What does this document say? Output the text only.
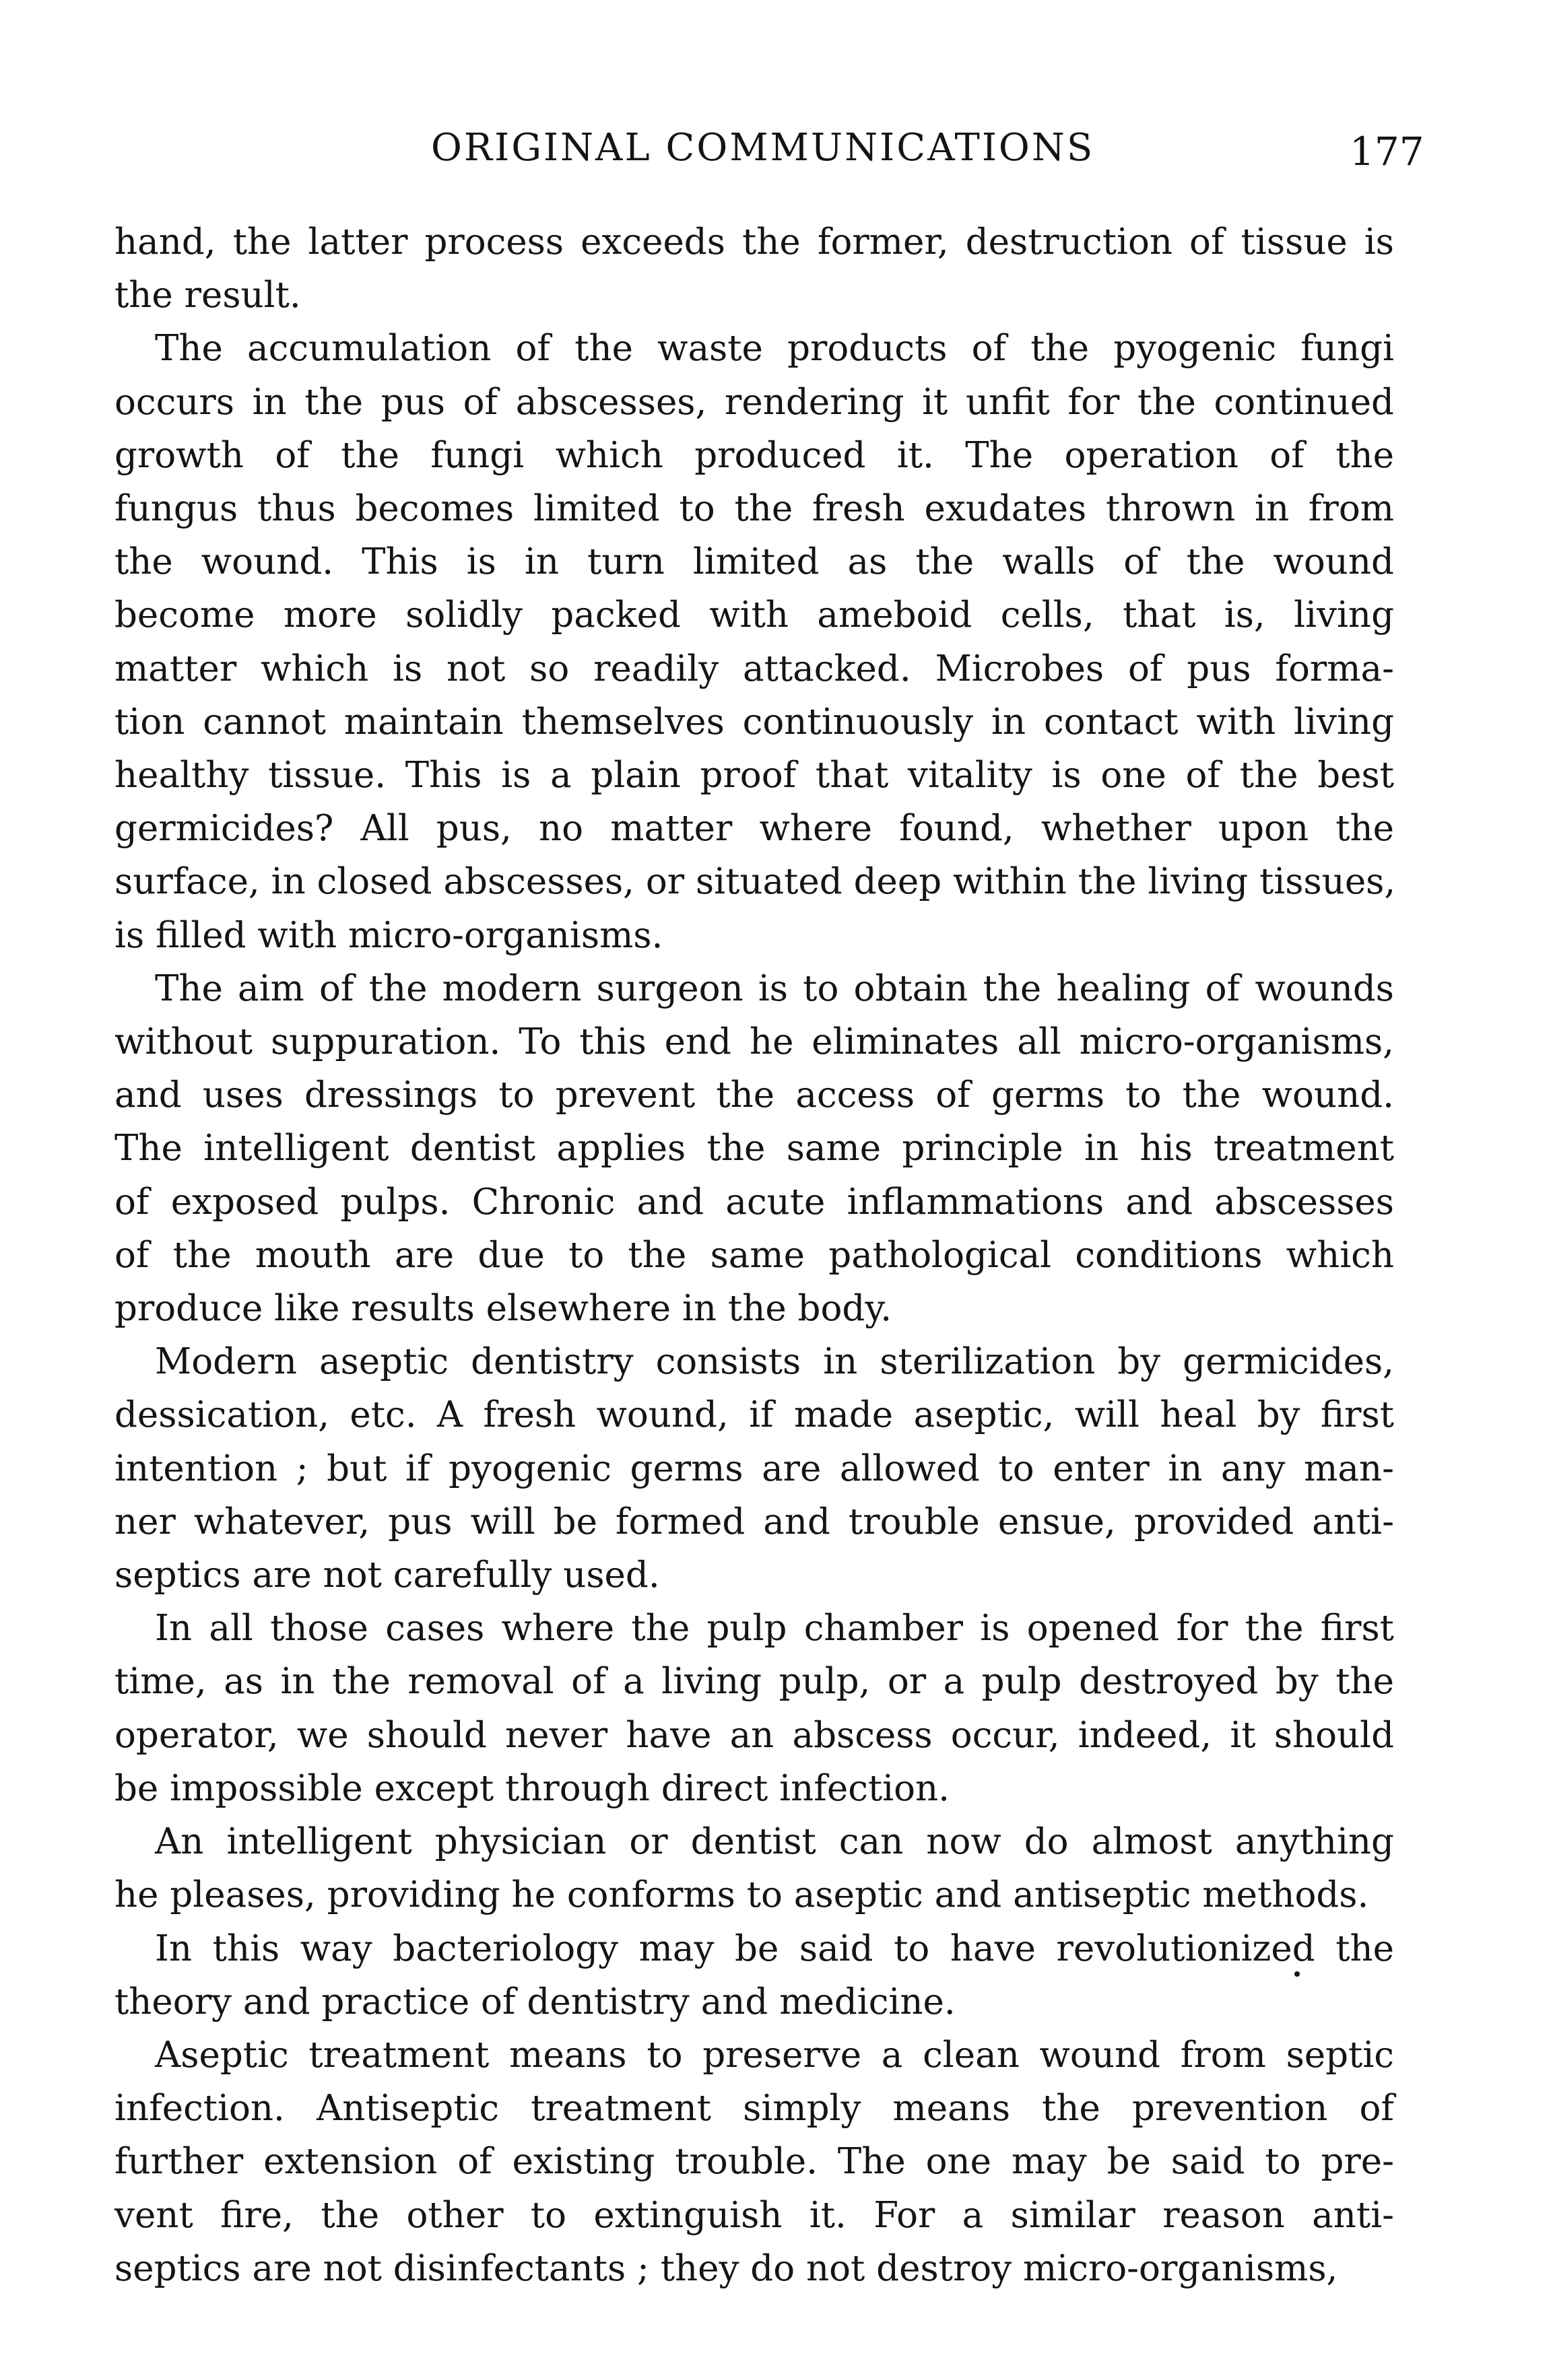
ORIGINAL COMMUNICATIONS	177

hand, the latter process exceeds the former, destruction of tissue is
the result.

The accumulation of the waste products of the pyogenic fungi
occurs in the pus of abscesses, rendering it unfit for the continued
growth of the fungi which produced it. The operation of the
fungus thus becomes limited to the fresh exudates thrown in from
the wound. This is in turn limited as the walls of the wound
become more solidly packed with ameboid cells, that is, living
matter which is not so readily attacked. Microbes of pus forma-
tion cannot maintain themselves continuously in contact with living
healthy tissue. This is a plain proof that vitality is one of the best
germicides? All pus, no matter where found, whether upon the
surface, in closed abscesses, or situated deep within the living tissues,
is filled with micro-organisms.

The aim of the modern surgeon is to obtain the healing of wounds
without suppuration. To this end he eliminates all micro-organisms,
and uses dressings to prevent the access of germs to the wound.
The intelligent dentist applies the same principle in his treatment
of exposed pulps. Chronic and acute inflammations and abscesses
of the mouth are due to the same pathological conditions which
produce like results elsewhere in the body.

Modern aseptic dentistry consists in sterilization by germicides,
dessication, etc. A fresh wound, if made aseptic, will heal by first
intention ; but if pyogenic germs are allowed to enter in any man-
ner whatever, pus will be formed and trouble ensue, provided anti-
septics are not carefully used.

In all those cases where the pulp chamber is opened for the first
time, as in the removal of a living pulp, or a pulp destroyed by the
operator, we should never have an abscess occur, indeed, it should
be impossible except through direct infection.

An intelligent physician or dentist can now do almost anything
he pleases, providing he conforms to aseptic and antiseptic methods.

In this way bacteriology may be said to have revolutionized the
theory and practice of dentistry and medicine.

Aseptic treatment means to preserve a clean wound from septic
infection. Antiseptic treatment simply means the prevention of
further extension of existing trouble. The one may be said to pre-
vent fire, the other to extinguish it. For a similar reason anti-
septics are not disinfectants ; they do not destroy micro-organisms,
